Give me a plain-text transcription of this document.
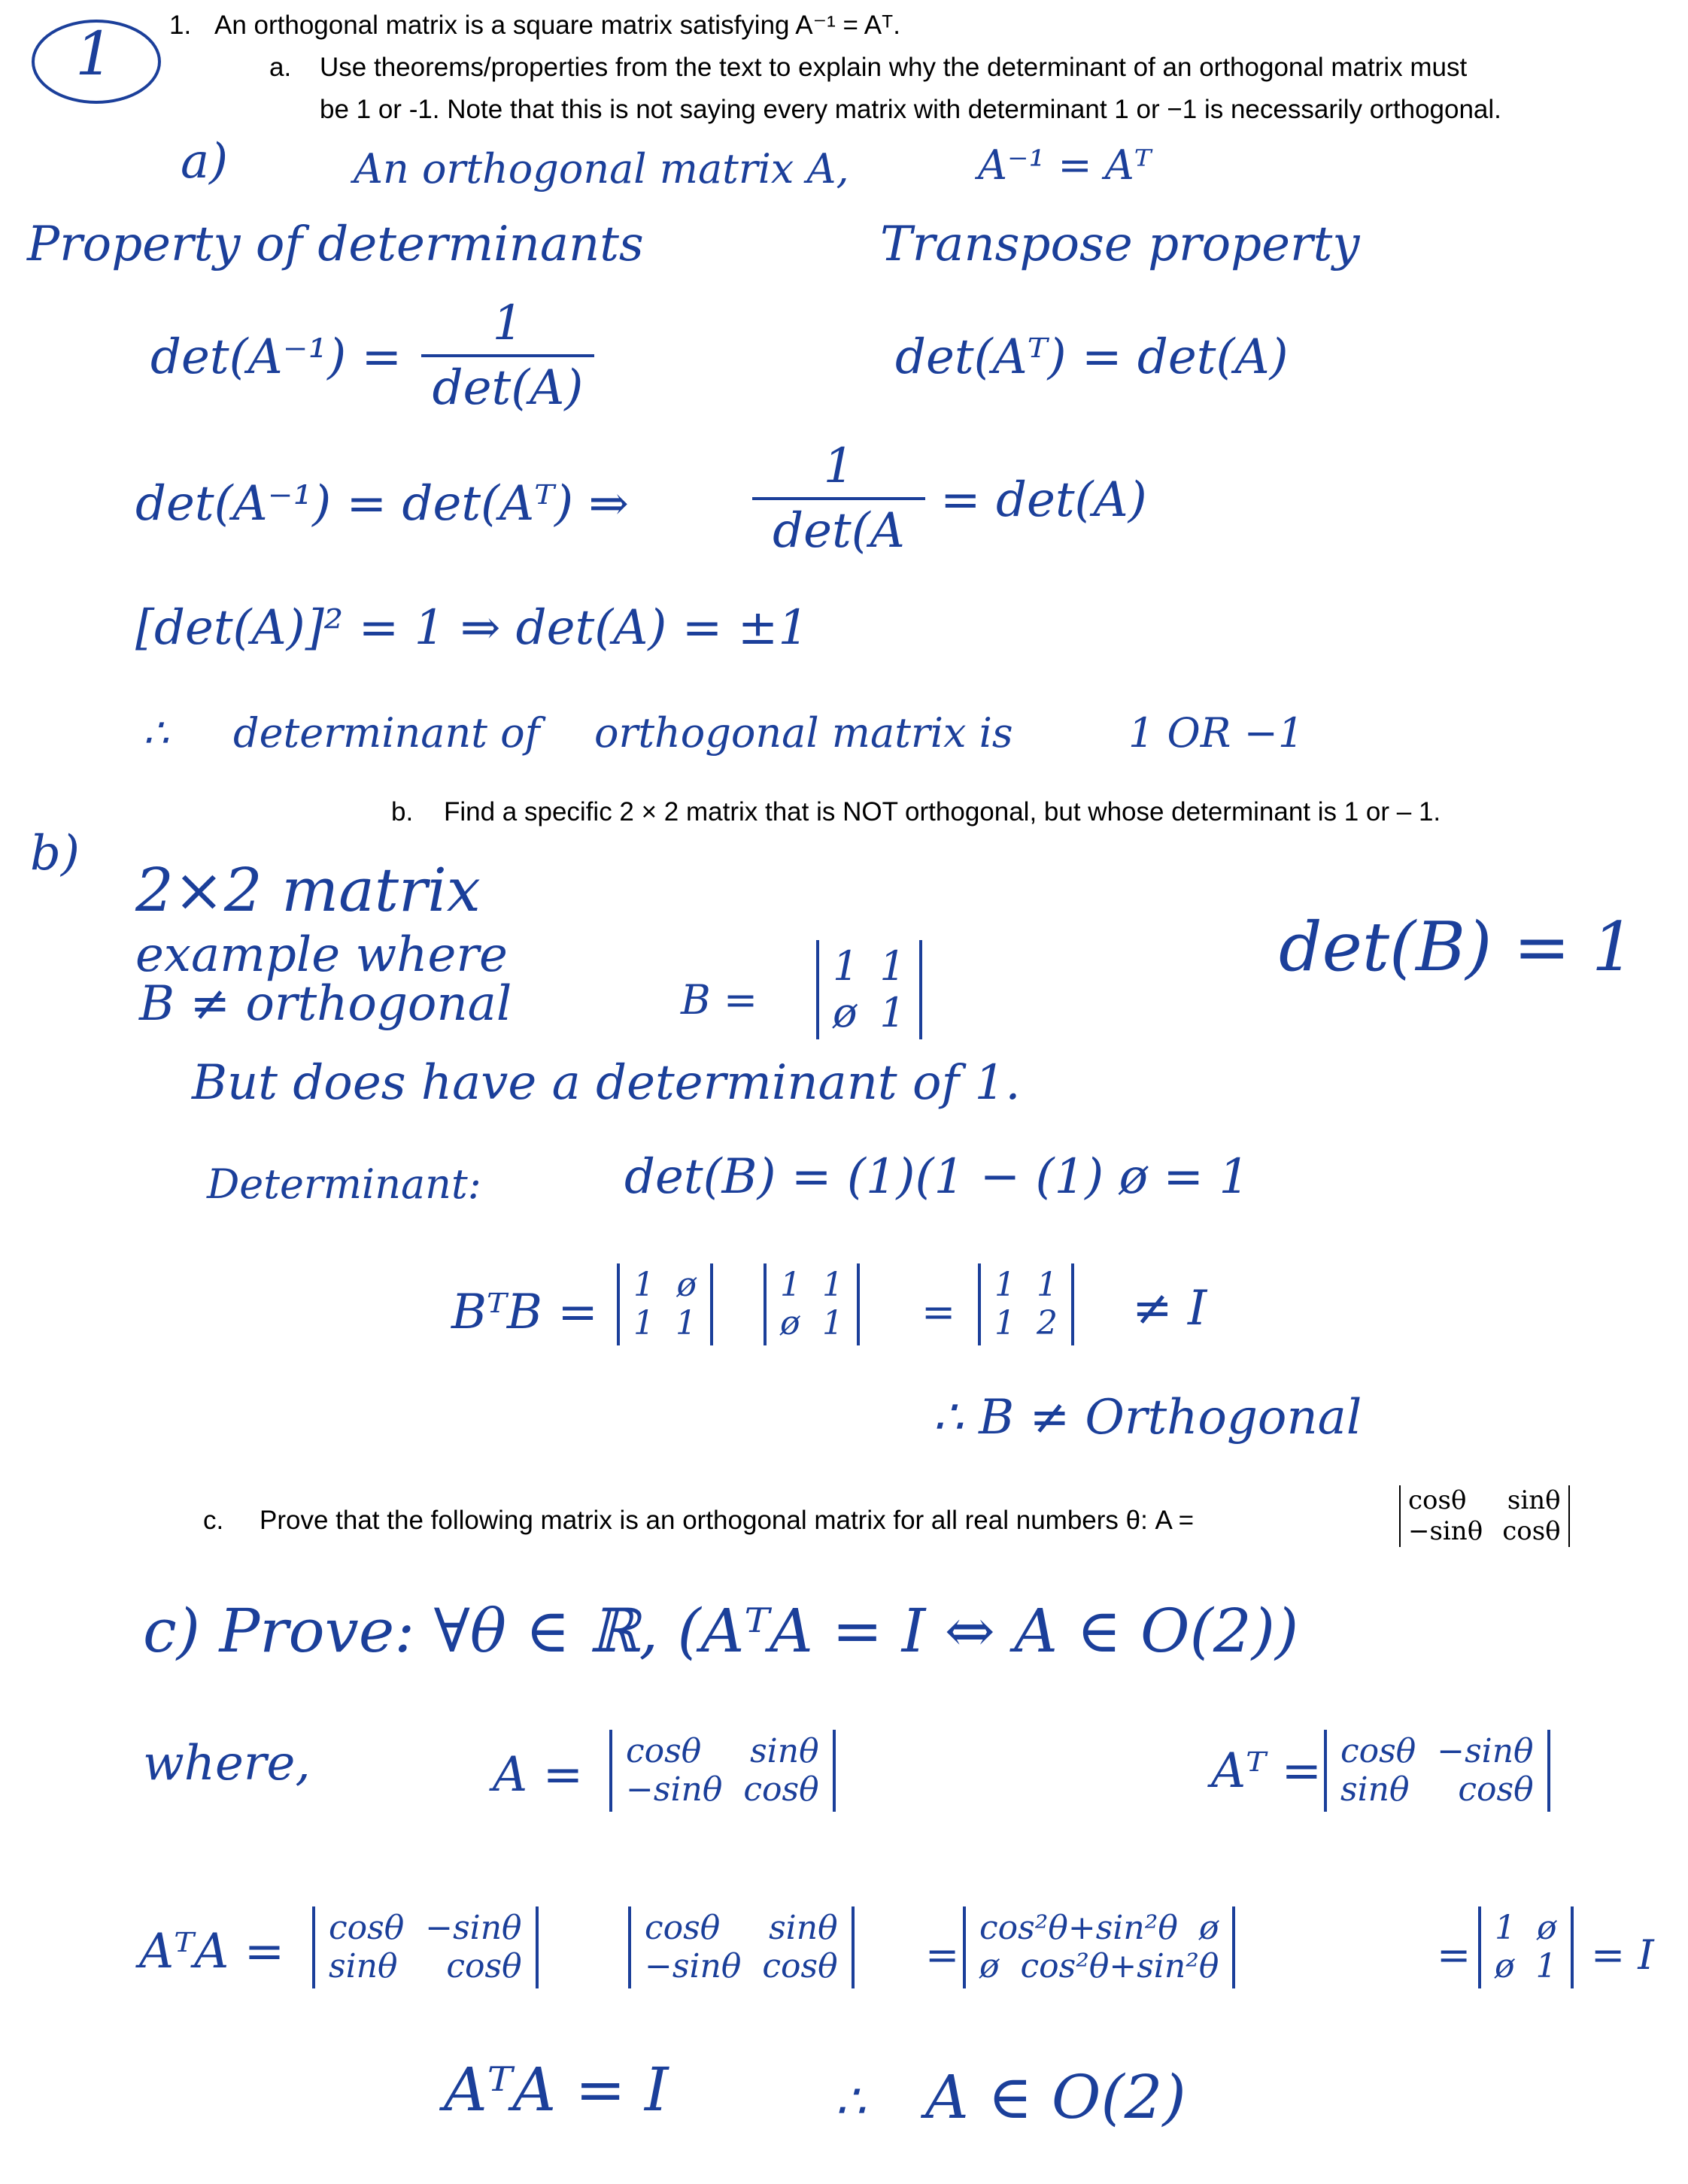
1. An orthogonal matrix is a square matrix satisfying A⁻¹ = Aᵀ.
a. Use theorems/properties from the text to explain why the determinant of an orthogonal matrix must
be 1 or -1. Note that this is not saying every matrix with determinant 1 or −1 is necessarily orthogonal.
1
a)	An orthogonal matrix A,	A⁻¹ = Aᵀ
Property of determinants	Transpose property
det(A⁻¹) =
1
det(A)
det(Aᵀ) = det(A)
det(A⁻¹) = det(Aᵀ) ⇒
1
det(A
= det(A)
[det(A)]² = 1 ⇒ det(A) = ±1
∴ determinant of orthogonal matrix is	1 OR −1
b. Find a specific 2 × 2 matrix that is NOT orthogonal, but whose determinant is 1 or – 1.
b)
2×2 matrix
example where
B ≠ orthogonal	B =
1 1
ø 1
det(B) = 1
But does have a determinant of 1.
Determinant:	det(B) = (1)(1 − (1) ø = 1
BᵀB = 1 ø
1 1
1 1
ø 1 =
1 1
1 2 ≠ I
∴ B ≠ Orthogonal
c. Prove that the following matrix is an orthogonal matrix for all real numbers θ: A =
cosθ sinθ
−sinθ cosθ
c) Prove: ∀θ ∈ ℝ, (AᵀA = I ⇔ A ∈ O(2))
where,	A = cosθ sinθ
−sinθ cosθ	Aᵀ = cosθ −sinθ
sinθ cosθ
AᵀA = cosθ −sinθ
sinθ cosθ
cosθ sinθ
−sinθ cosθ =
cos²θ+sin²θ ø
ø cos²θ+sin²θ	=
1 ø
ø 1 = I
AᵀA = I	∴ A ∈ O(2)
